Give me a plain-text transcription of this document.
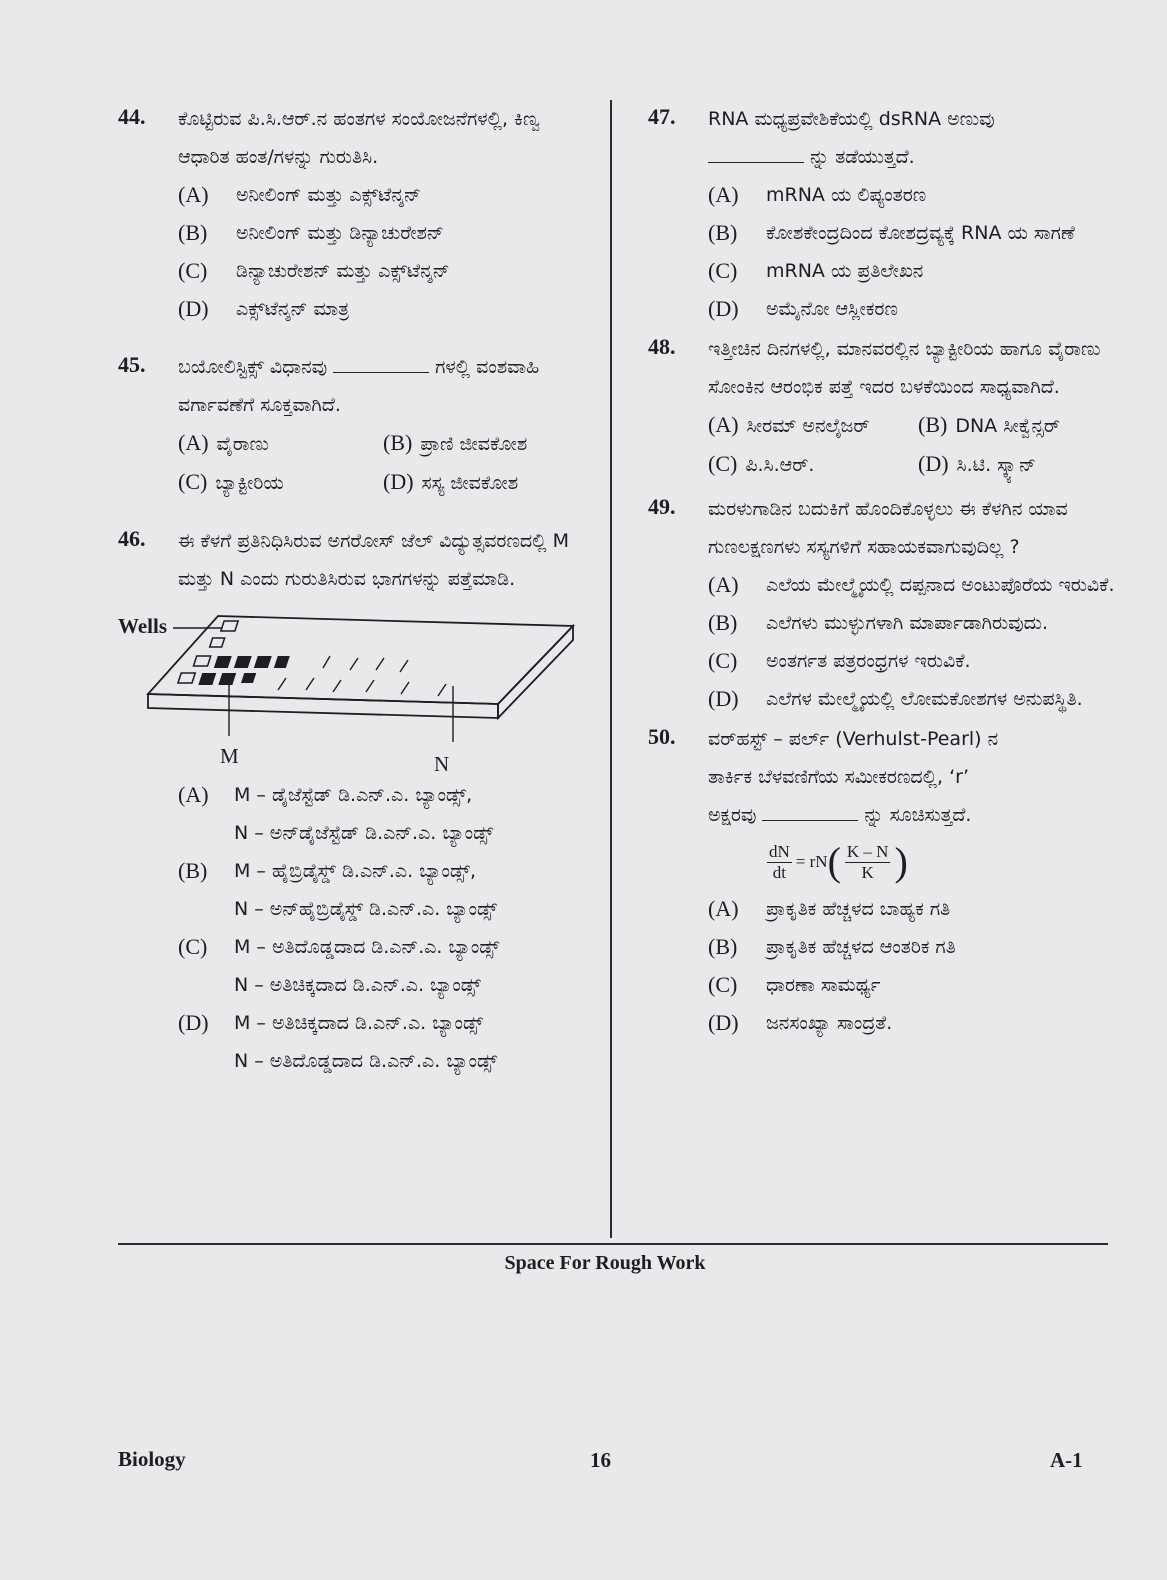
44. ಕೊಟ್ಟಿರುವ ಪಿ.ಸಿ.ಆರ್.ನ ಹಂತಗಳ ಸಂಯೋಜನೆಗಳಲ್ಲಿ, ಕಿಣ್ವ ಆಧಾರಿತ ಹಂತ/ಗಳನ್ನು ಗುರುತಿಸಿ.
(A)	ಅನೀಲಿಂಗ್ ಮತ್ತು ಎಕ್ಸ್‌ಟೆನ್ಶನ್
(B)	ಅನೀಲಿಂಗ್ ಮತ್ತು ಡಿನ್ಯಾಚುರೇಶನ್
(C)	ಡಿನ್ಯಾಚುರೇಶನ್ ಮತ್ತು ಎಕ್ಸ್‌ಟೆನ್ಶನ್
(D)	ಎಕ್ಸ್‌ಟೆನ್ಶನ್ ಮಾತ್ರ
45. ಬಯೋಲಿಸ್ಟಿಕ್ಸ್ ವಿಧಾನವು	ಗಳಲ್ಲಿ ವಂಶವಾಹಿ ವರ್ಗಾವಣೆಗೆ ಸೂಕ್ತವಾಗಿದೆ.
(A) ವೈರಾಣು	(B) ಪ್ರಾಣಿ ಜೀವಕೋಶ
(C) ಬ್ಯಾಕ್ಟೀರಿಯ	(D) ಸಸ್ಯ ಜೀವಕೋಶ
46. ಈ ಕೆಳಗೆ ಪ್ರತಿನಿಧಿಸಿರುವ ಅಗರೋಸ್ ಜೆಲ್ ವಿದ್ಯುತ್ಸವರಣದಲ್ಲಿ M ಮತ್ತು N ಎಂದು ಗುರುತಿಸಿರುವ ಭಾಗಗಳನ್ನು ಪತ್ತೆಮಾಡಿ.
Wells
M	N
(A)	M – ಡೈಜೆಸ್ಟೆಡ್ ಡಿ.ಎನ್.ಎ. ಬ್ಯಾಂಡ್ಸ್,
N – ಅನ್‌ಡೈಜೆಸ್ಟೆಡ್ ಡಿ.ಎನ್.ಎ. ಬ್ಯಾಂಡ್ಸ್
(B)	M – ಹೈಬ್ರಿಡೈಸ್ಡ್ ಡಿ.ಎನ್.ಎ. ಬ್ಯಾಂಡ್ಸ್,
N – ಅನ್‌ಹೈಬ್ರಿಡೈಸ್ಡ್ ಡಿ.ಎನ್.ಎ. ಬ್ಯಾಂಡ್ಸ್
(C)	M – ಅತಿದೊಡ್ಡದಾದ ಡಿ.ಎನ್.ಎ. ಬ್ಯಾಂಡ್ಸ್
N – ಅತಿಚಿಕ್ಕದಾದ ಡಿ.ಎನ್.ಎ. ಬ್ಯಾಂಡ್ಸ್
(D)	M – ಅತಿಚಿಕ್ಕದಾದ ಡಿ.ಎನ್.ಎ. ಬ್ಯಾಂಡ್ಸ್
N – ಅತಿದೊಡ್ಡದಾದ ಡಿ.ಎನ್.ಎ. ಬ್ಯಾಂಡ್ಸ್
47. RNA ಮಧ್ಯಪ್ರವೇಶಿಕೆಯಲ್ಲಿ dsRNA ಅಣುವು
ನ್ನು ತಡೆಯುತ್ತದೆ.
(A)	mRNA ಯ ಲಿಪ್ಯಂತರಣ
(B)	ಕೋಶಕೇಂದ್ರದಿಂದ ಕೋಶದ್ರವ್ಯಕ್ಕೆ RNA ಯ ಸಾಗಣೆ
(C)	mRNA ಯ ಪ್ರತಿಲೇಖನ
(D)	ಅಮೈನೋ ಆಸ್ಲೀಕರಣ
48. ಇತ್ತೀಚಿನ ದಿನಗಳಲ್ಲಿ, ಮಾನವರಲ್ಲಿನ ಬ್ಯಾಕ್ಟೀರಿಯ ಹಾಗೂ ವೈರಾಣು ಸೋಂಕಿನ ಆರಂಭಿಕ ಪತ್ತೆ ಇದರ ಬಳಕೆಯಿಂದ ಸಾಧ್ಯವಾಗಿದೆ.
(A) ಸೀರಮ್ ಅನಲೈಜರ್	(B) DNA ಸೀಕ್ವೆನ್ಸರ್
(C) ಪಿ.ಸಿ.ಆರ್.	(D) ಸಿ.ಟಿ. ಸ್ಕ್ಯಾನ್
49. ಮರಳುಗಾಡಿನ ಬದುಕಿಗೆ ಹೊಂದಿಕೊಳ್ಳಲು ಈ ಕೆಳಗಿನ ಯಾವ ಗುಣಲಕ್ಷಣಗಳು ಸಸ್ಯಗಳಿಗೆ ಸಹಾಯಕವಾಗುವುದಿಲ್ಲ ?
(A)	ಎಲೆಯ ಮೇಲ್ಮೈಯಲ್ಲಿ ದಪ್ಪನಾದ ಅಂಟುಪೊರೆಯ ಇರುವಿಕೆ.
(B)	ಎಲೆಗಳು ಮುಳ್ಳುಗಳಾಗಿ ಮಾರ್ಪಾಡಾಗಿರುವುದು.
(C)	ಅಂತರ್ಗತ ಪತ್ರರಂಧ್ರಗಳ ಇರುವಿಕೆ.
(D)	ಎಲೆಗಳ ಮೇಲ್ಮೈಯಲ್ಲಿ ಲೋಮಕೋಶಗಳ ಅನುಪಸ್ಥಿತಿ.
50. ವರ್‌ಹಸ್ಟ್ – ಪರ್ಲ್ (Verhulst-Pearl) ನ
ತಾರ್ಕಿಕ ಬೆಳವಣಿಗೆಯ ಸಮೀಕರಣದಲ್ಲಿ, ‘r’
ಅಕ್ಷರವು	ನ್ನು ಸೂಚಿಸುತ್ತದೆ.
$\frac{dN}{dt}$ = rN ( $\frac{K - N}{K}$ )
(A)	ಪ್ರಾಕೃತಿಕ ಹೆಚ್ಚಳದ ಬಾಹ್ಯಕ ಗತಿ
(B)	ಪ್ರಾಕೃತಿಕ ಹೆಚ್ಚಳದ ಆಂತರಿಕ ಗತಿ
(C)	ಧಾರಣಾ ಸಾಮರ್ಥ್ಯ
(D)	ಜನಸಂಖ್ಯಾ ಸಾಂದ್ರತೆ.
Space For Rough Work
Biology	16	A-1
